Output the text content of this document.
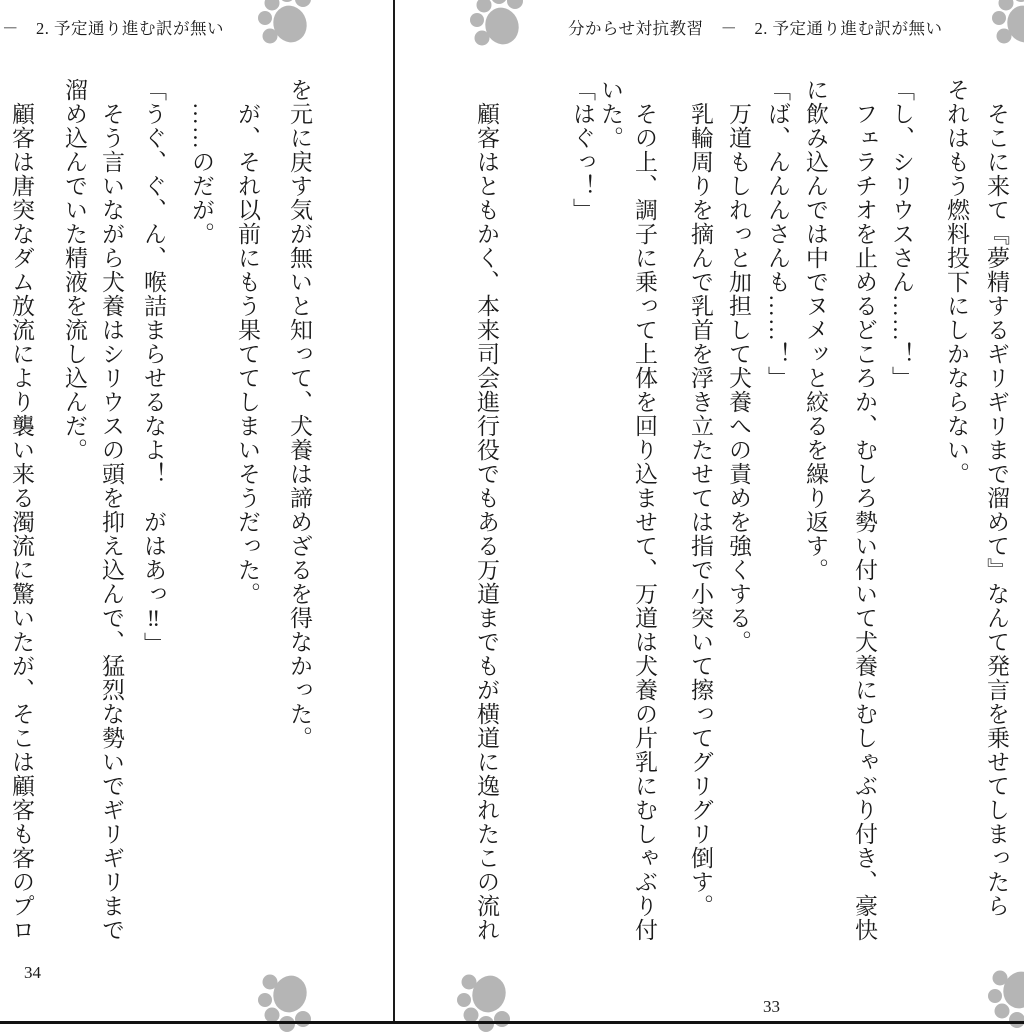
－　2. 予定通り進む訳が無い
を元に戻す気が無いと知って、犬養は諦めざるを得なかった。
　が、それ以前にもう果ててしまいそうだった。
　……のだが。
「うぐ、ぐ、ん、喉詰まらせるなよ！　がはあっ‼」
　そう言いながら犬養はシリウスの頭を抑え込んで、猛烈な勢いでギリギリまで
溜め込んでいた精液を流し込んだ。
　顧客は唐突なダム放流により襲い来る濁流に驚いたが、そこは顧客も客のプロ
34
分からせ対抗教習　－　2. 予定通り進む訳が無い
　そこに来て『夢精するギリギリまで溜めて』なんて発言を乗せてしまったら
それはもう燃料投下にしかならない。
「し、シリウスさん……！」
　フェラチオを止めるどころか、むしろ勢い付いて犬養にむしゃぶり付き、豪快
に飲み込んでは中でヌメッと絞るを繰り返す。
「ば、んんんさんも……！」
　万道もしれっと加担して犬養への責めを強くする。
　乳輪周りを摘んで乳首を浮き立たせては指で小突いて擦ってグリグリ倒す。
　その上、調子に乗って上体を回り込ませて、万道は犬養の片乳にむしゃぶり付
いた。
「はぐっ！」
　顧客はともかく、本来司会進行役でもある万道までもが横道に逸れたこの流れ
33
